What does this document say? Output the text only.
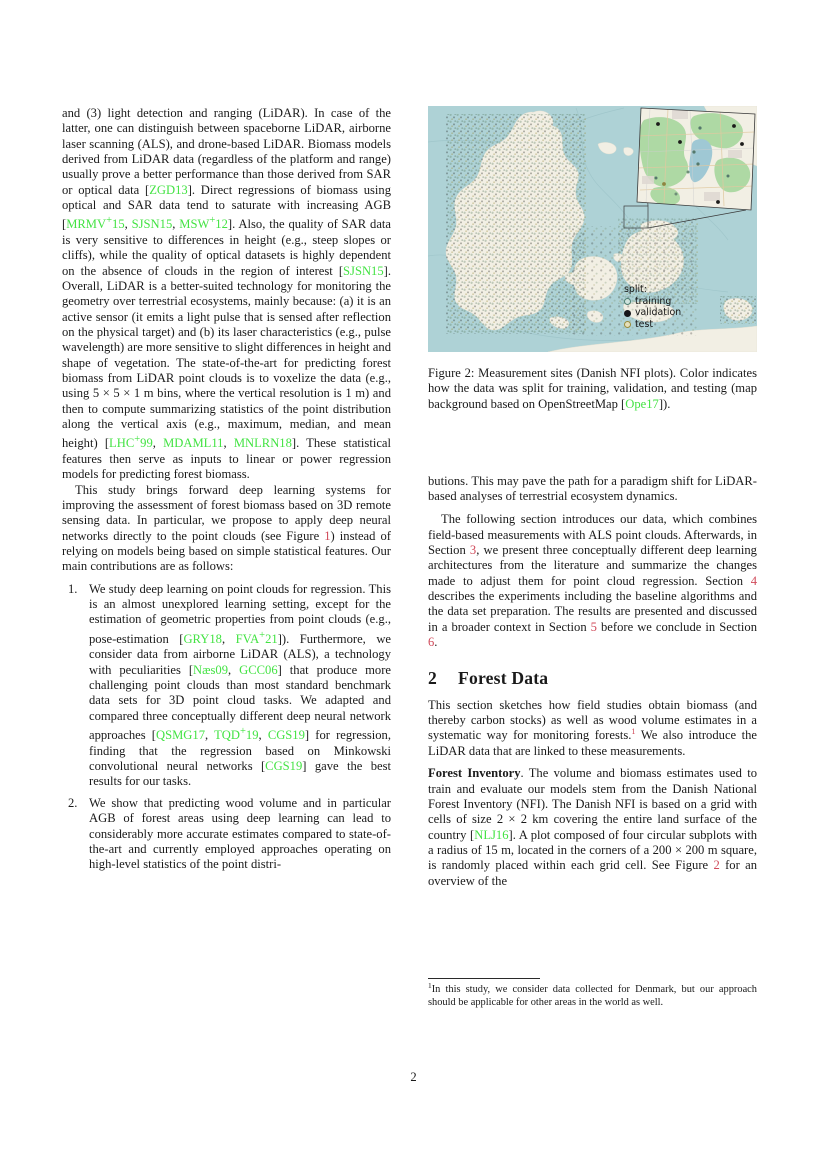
and (3) light detection and ranging (LiDAR). In case of the latter, one can distinguish between spaceborne LiDAR, airborne laser scanning (ALS), and drone-based LiDAR. Biomass models derived from LiDAR data (regardless of the platform and range) usually prove a better performance than those derived from SAR or optical data [ZGD13]. Direct regressions of biomass using optical and SAR data tend to saturate with increasing AGB [MRMV+15, SJSN15, MSW+12]. Also, the quality of SAR data is very sensitive to differences in height (e.g., steep slopes or cliffs), while the quality of optical datasets is highly dependent on the absence of clouds in the region of interest [SJSN15]. Overall, LiDAR is a better-suited technology for monitoring the geometry over terrestrial ecosystems, mainly because: (a) it is an active sensor (it emits a light pulse that is sensed after reflection on the physical target) and (b) its laser characteristics (e.g., pulse wavelength) are more sensitive to slight differences in height and shape of vegetation. The state-of-the-art for predicting forest biomass from LiDAR point clouds is to voxelize the data (e.g., using 5 × 5 × 1 m bins, where the vertical resolution is 1 m) and then to compute summarizing statistics of the point distribution along the vertical axis (e.g., maximum, median, and mean height) [LHC+99, MDAML11, MNLRN18]. These statistical features then serve as inputs to linear or power regression models for predicting forest biomass.

This study brings forward deep learning systems for improving the assessment of forest biomass based on 3D remote sensing data. In particular, we propose to apply deep neural networks directly to the point clouds (see Figure 1) instead of relying on models being based on simple statistical features. Our main contributions are as follows:

1. We study deep learning on point clouds for regression. This is an almost unexplored learning setting, except for the estimation of geometric properties from point clouds (e.g., pose-estimation [GRY18, FVA+21]). Furthermore, we consider data from airborne LiDAR (ALS), a technology with peculiarities [Næs09, GCC06] that produce more challenging point clouds than most standard benchmark data sets for 3D point cloud tasks. We adapted and compared three conceptually different deep neural network approaches [QSMG17, TQD+19, CGS19] for regression, finding that the regression based on Minkowski convolutional neural networks [CGS19] gave the best results for our tasks.
2. We show that predicting wood volume and in particular AGB of forest areas using deep learning can lead to considerably more accurate estimates compared to state-of-the-art and currently employed approaches operating on high-level statistics of the point distri-
split:
training
validation
test
Figure 2: Measurement sites (Danish NFI plots). Color indicates how the data was split for training, validation, and testing (map background based on OpenStreetMap [Ope17]).

butions. This may pave the path for a paradigm shift for LiDAR-based analyses of terrestrial ecosystem dynamics.

The following section introduces our data, which combines field-based measurements with ALS point clouds. Afterwards, in Section 3, we present three conceptually different deep learning architectures from the literature and summarize the changes made to adjust them for point cloud regression. Section 4 describes the experiments including the baseline algorithms and the data set preparation. The results are presented and discussed in a broader context in Section 5 before we conclude in Section 6.

2 Forest Data

This section sketches how field studies obtain biomass (and thereby carbon stocks) as well as wood volume estimates in a systematic way for monitoring forests.$^1$ We also introduce the LiDAR data that are linked to these measurements.

Forest Inventory. The volume and biomass estimates used to train and evaluate our models stem from the Danish National Forest Inventory (NFI). The Danish NFI is based on a grid with cells of size 2 × 2 km covering the entire land surface of the country [NLJ16]. A plot composed of four circular subplots with a radius of 15 m, located in the corners of a 200 × 200 m square, is randomly placed within each grid cell. See Figure 2 for an overview of the

$^1$In this study, we consider data collected for Denmark, but our approach should be applicable for other areas in the world as well.
2
